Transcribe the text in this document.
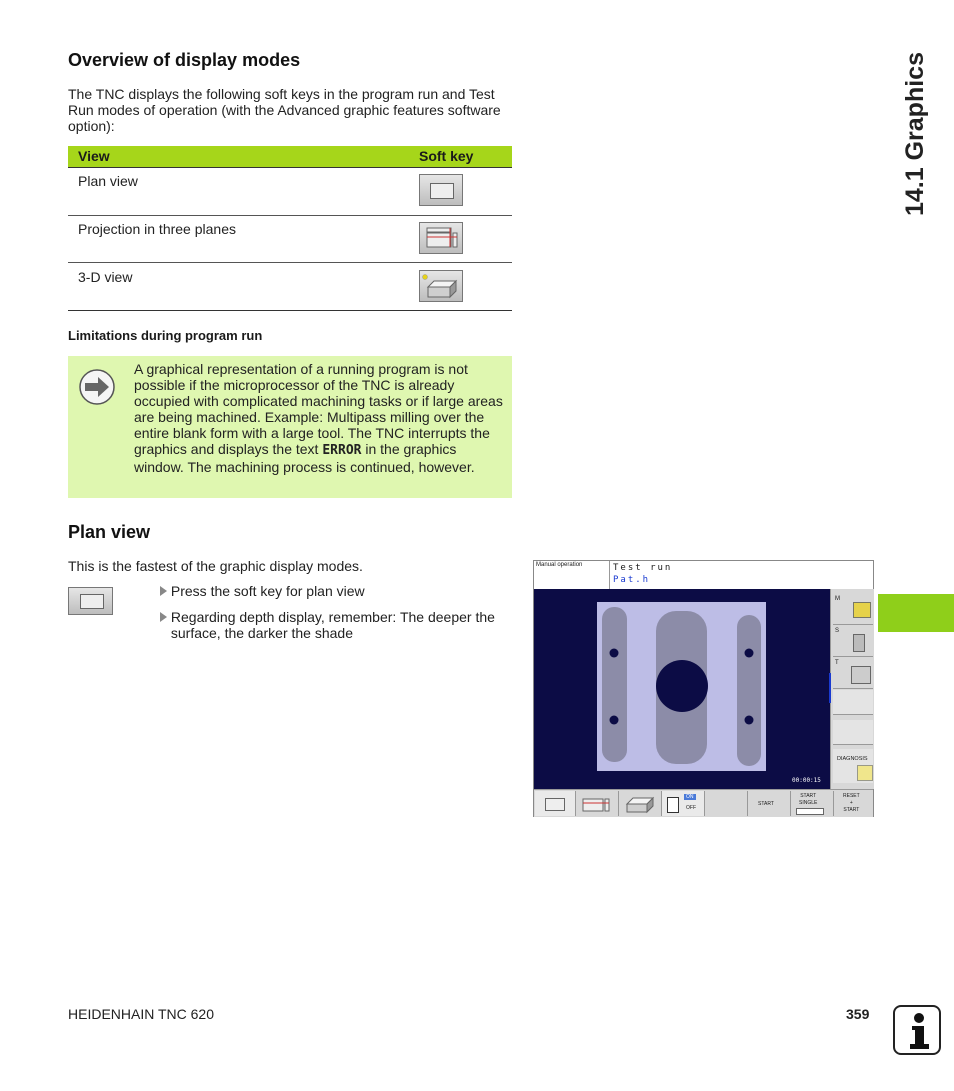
14.1 Graphics
Overview of display modes
The TNC displays the following soft keys in the program run and Test Run modes of operation (with the Advanced graphic features software option):
View	Soft key
Plan view
Projection in three planes
3-D view
Limitations during program run
A graphical representation of a running program is not possible if the microprocessor of the TNC is already occupied with complicated machining tasks or if large areas are being machined. Example: Multipass milling over the entire blank form with a large tool. The TNC interrupts the graphics and displays the text ERROR in the graphics window. The machining process is continued, however.
Plan view
This is the fastest of the graphic display modes.
Press the soft key for plan view
Regarding depth display, remember: The deeper the surface, the darker the shade
Manual operation	Test run
Pat.h
00:00:15
M
S
T
DIAGNOSIS
ON
OFF
START
START
SINGLE
RESET
+
START
HEIDENHAIN TNC 620	359
